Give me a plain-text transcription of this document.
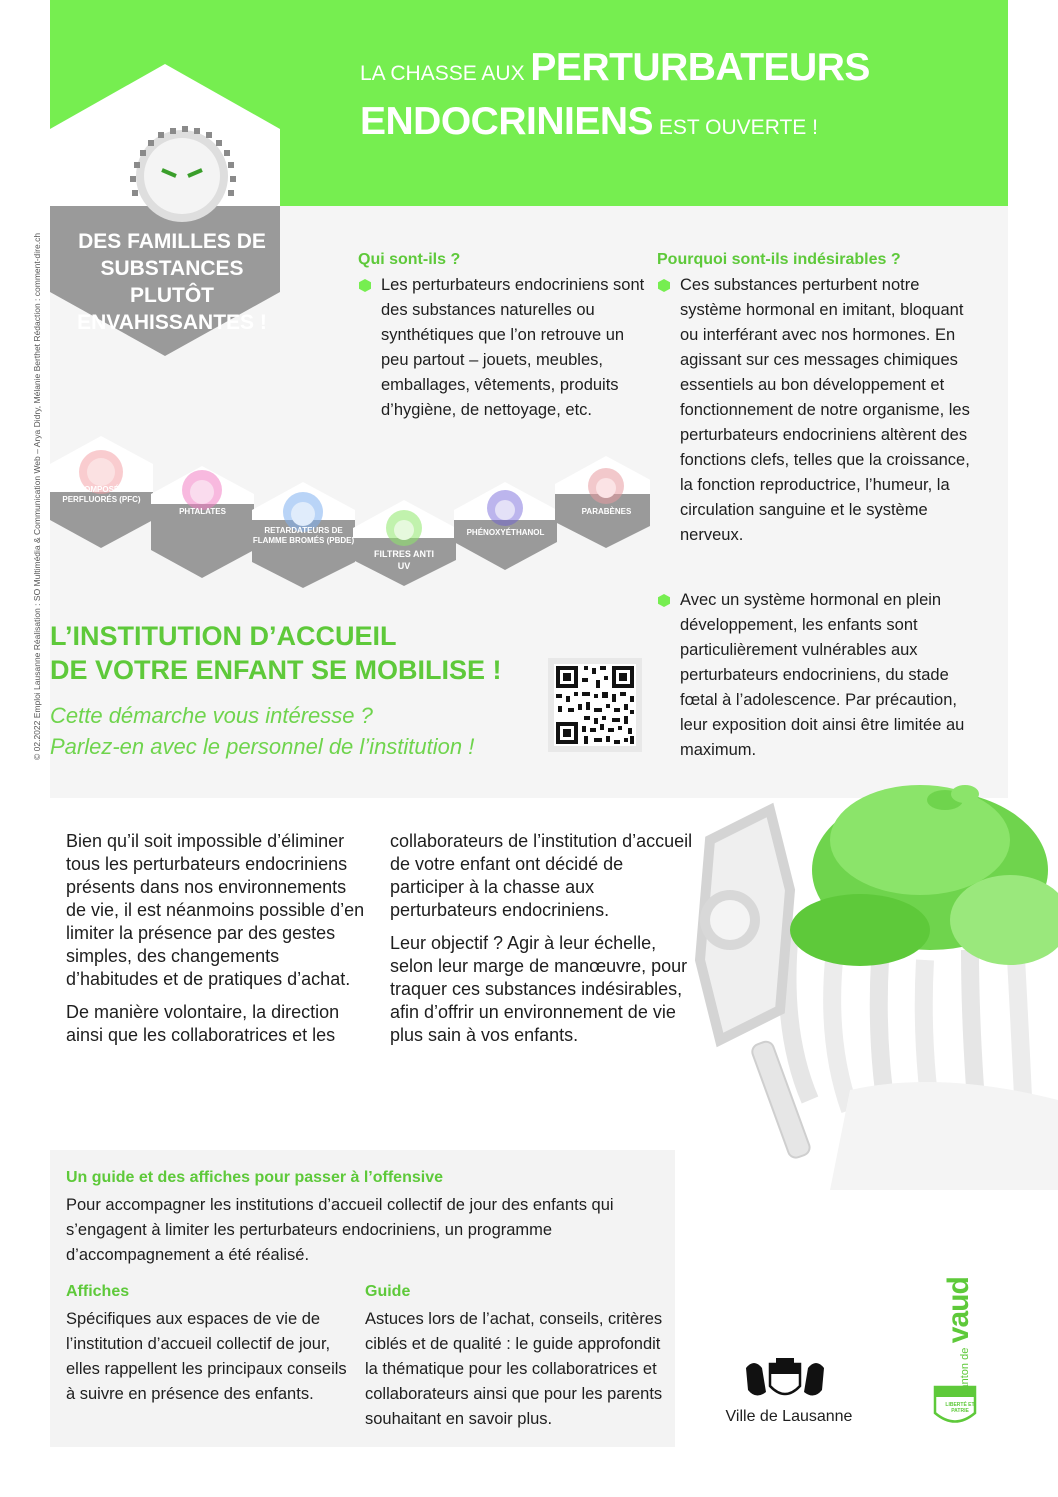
© 02.2022 Emploi Lausanne Réalisation : SO Multimédia & Communication Web – Arya Didry, Mélanie Berthet Rédaction : comment-dire.ch
LA CHASSE AUX PERTURBATEURS
ENDOCRINIENS EST OUVERTE !
DES FAMILLES DE SUBSTANCES PLUTÔT ENVAHISSANTES !
Qui sont-ils ?
Les perturbateurs endocriniens sont des substances naturelles ou synthétiques que l’on retrouve un peu partout – jouets, meubles, emballages, vêtements, produits d’hygiène, de nettoyage, etc.
Pourquoi sont-ils indésirables ?
Ces substances perturbent notre système hormonal en imitant, bloquant ou interférant avec nos hormones. En agissant sur ces messages chimiques essentiels au bon développement et fonctionnement de notre organisme, les perturbateurs endocriniens altèrent des fonctions clefs, telles que la croissance, la fonction reproductrice, l’humeur, la circulation sanguine et le système nerveux.
Avec un système hormonal en plein développement, les enfants sont particulièrement vulnérables aux perturbateurs endocriniens, du stade fœtal à l’adolescence. Par précaution, leur exposition doit ainsi être limitée au maximum.
COMPOSÉS PERFLUORÉS (PFC)
PHTALATES
RETARDATEURS DE FLAMME BROMÉS (PBDE)
FILTRES ANTI UV
PHÉNOXYÉTHANOL
PARABÈNES
L’INSTITUTION D’ACCUEIL
DE VOTRE ENFANT SE MOBILISE !
Cette démarche vous intéresse ?
Parlez-en avec le personnel de l’institution !

Bien qu’il soit impossible d’éliminer tous les perturbateurs endocriniens présents dans nos environnements de vie, il est néanmoins possible d’en limiter la présence par des gestes simples, des changements d’habitudes et de pratiques d’achat.

De manière volontaire, la direction ainsi que les collaboratrices et les

collaborateurs de l’institution d’accueil de votre enfant ont décidé de participer à la chasse aux perturbateurs endocriniens.

Leur objectif ? Agir à leur échelle, selon leur marge de manœuvre, pour traquer ces substances indésirables, afin d’offrir un environnement de vie plus sain à vos enfants.

Un guide et des affiches pour passer à l’offensive
Pour accompagner les institutions d’accueil collectif de jour des enfants qui s’engagent à limiter les perturbateurs endocriniens, un programme d’accompagnement a été réalisé.
Affiches
Spécifiques aux espaces de vie de l’institution d’accueil collectif de jour, elles rappellent les principaux conseils à suivre en présence des enfants.
Guide
Astuces lors de l’achat, conseils, critères ciblés et de qualité : le guide approfondit la thématique pour les collaboratrices et collaborateurs ainsi que pour les parents souhaitant en savoir plus.	Ville de Lausanne
LIBERTÉ ET PATRIE
canton de vaud
